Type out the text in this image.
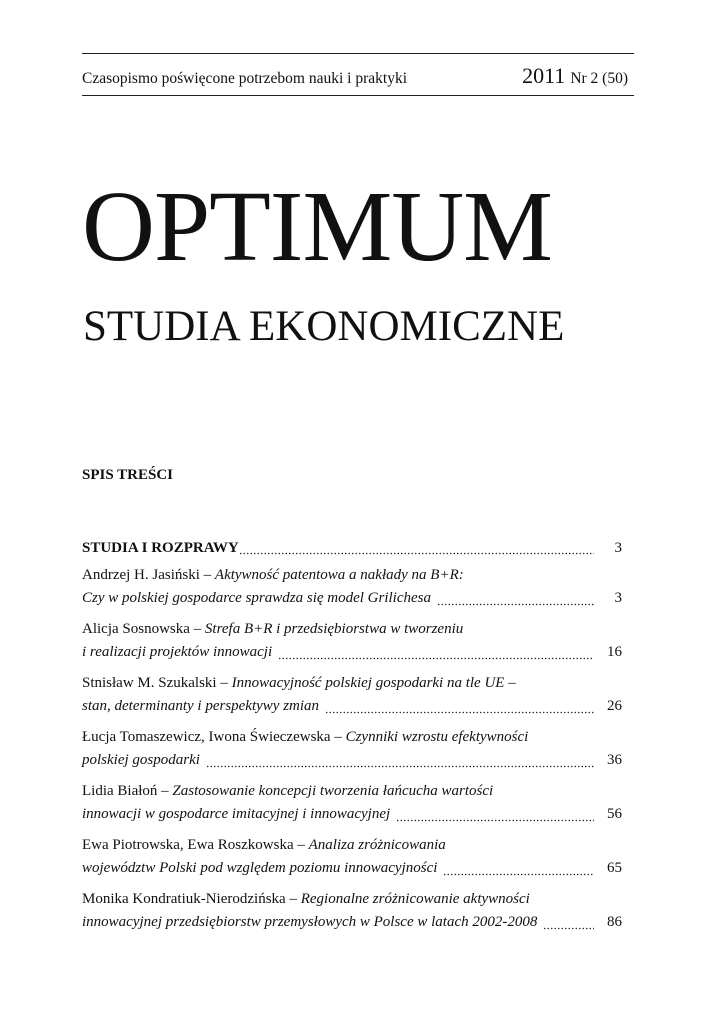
Czasopismo poświęcone potrzebom nauki i praktyki	2011 Nr 2 (50)
OPTIMUM
STUDIA EKONOMICZNE
SPIS TREŚCI
STUDIA I ROZPRAWY	3
Andrzej H. Jasiński – Aktywność patentowa a nakłady na B+R:
Czy w polskiej gospodarce sprawdza się model Grilichesa	3
Alicja Sosnowska – Strefa B+R i przedsiębiorstwa w tworzeniu
i realizacji projektów innowacji	16
Stnisław M. Szukalski – Innowacyjność polskiej gospodarki na tle UE –
stan, determinanty i perspektywy zmian	26
Łucja Tomaszewicz, Iwona Świeczewska – Czynniki wzrostu efektywności
polskiej gospodarki	36
Lidia Białoń – Zastosowanie koncepcji tworzenia łańcucha wartości
innowacji w gospodarce imitacyjnej i innowacyjnej	56
Ewa Piotrowska, Ewa Roszkowska – Analiza zróżnicowania
województw Polski pod względem poziomu innowacyjności	65
Monika Kondratiuk-Nierodzińska – Regionalne zróżnicowanie aktywności
innowacyjnej przedsiębiorstw przemysłowych w Polsce w latach 2002-2008	86
